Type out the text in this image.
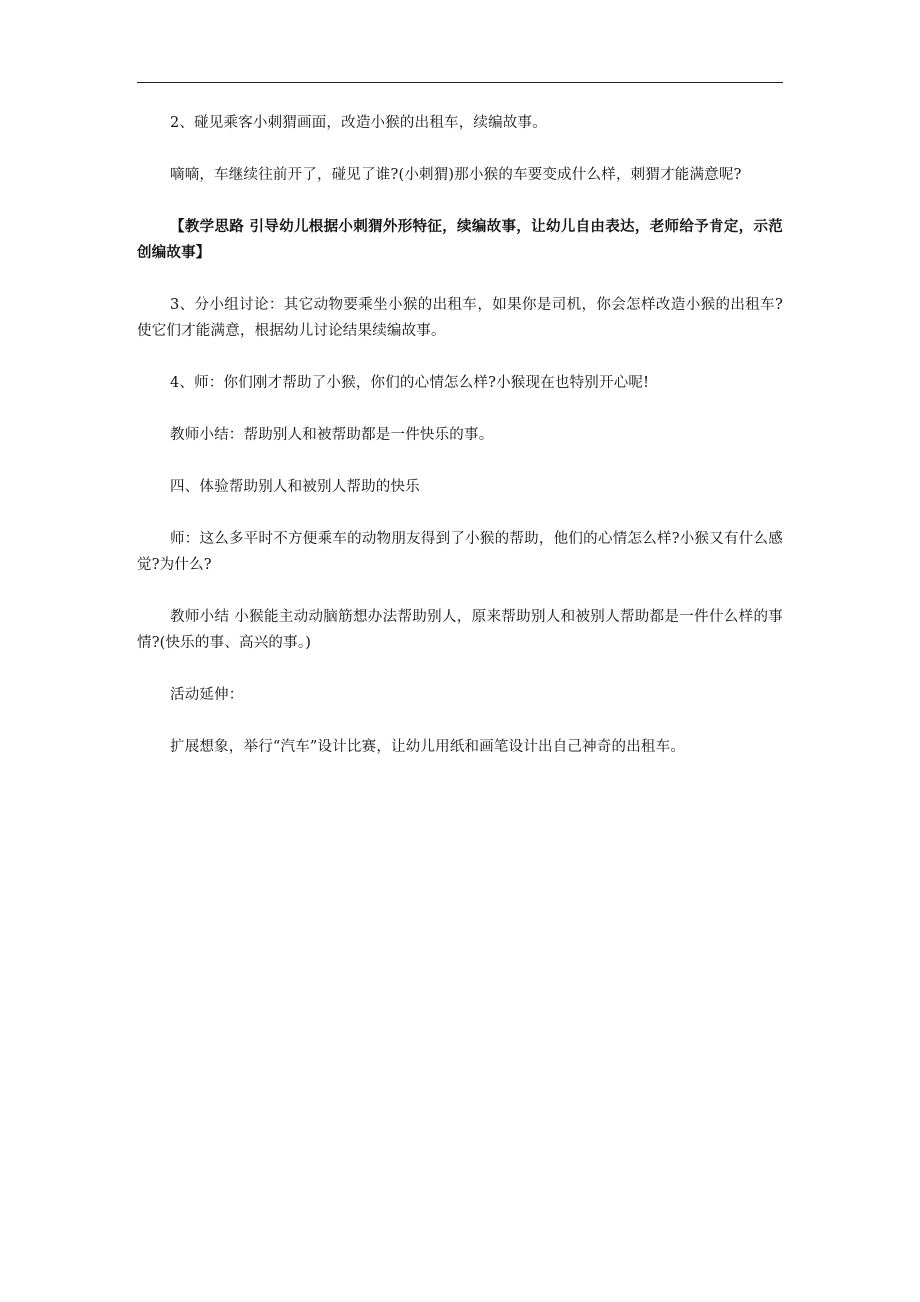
2、碰见乘客小刺猬画面，改造小猴的出租车，续编故事。

嘀嘀，车继续往前开了，碰见了谁?(小刺猬)那小猴的车要变成什么样，刺猬才能满意呢?

【教学思路 引导幼儿根据小刺猬外形特征，续编故事，让幼儿自由表达，老师给予肯定，示范创编故事】

3、分小组讨论：其它动物要乘坐小猴的出租车，如果你是司机，你会怎样改造小猴的出租车?使它们才能满意，根据幼儿讨论结果续编故事。

4、师：你们刚才帮助了小猴，你们的心情怎么样?小猴现在也特别开心呢!

教师小结：帮助别人和被帮助都是一件快乐的事。

四、体验帮助别人和被别人帮助的快乐

师：这么多平时不方便乘车的动物朋友得到了小猴的帮助，他们的心情怎么样?小猴又有什么感觉?为什么?

教师小结 小猴能主动动脑筋想办法帮助别人，原来帮助别人和被别人帮助都是一件什么样的事情?(快乐的事、高兴的事。)

活动延伸：

扩展想象，举行“汽车”设计比赛，让幼儿用纸和画笔设计出自己神奇的出租车。
